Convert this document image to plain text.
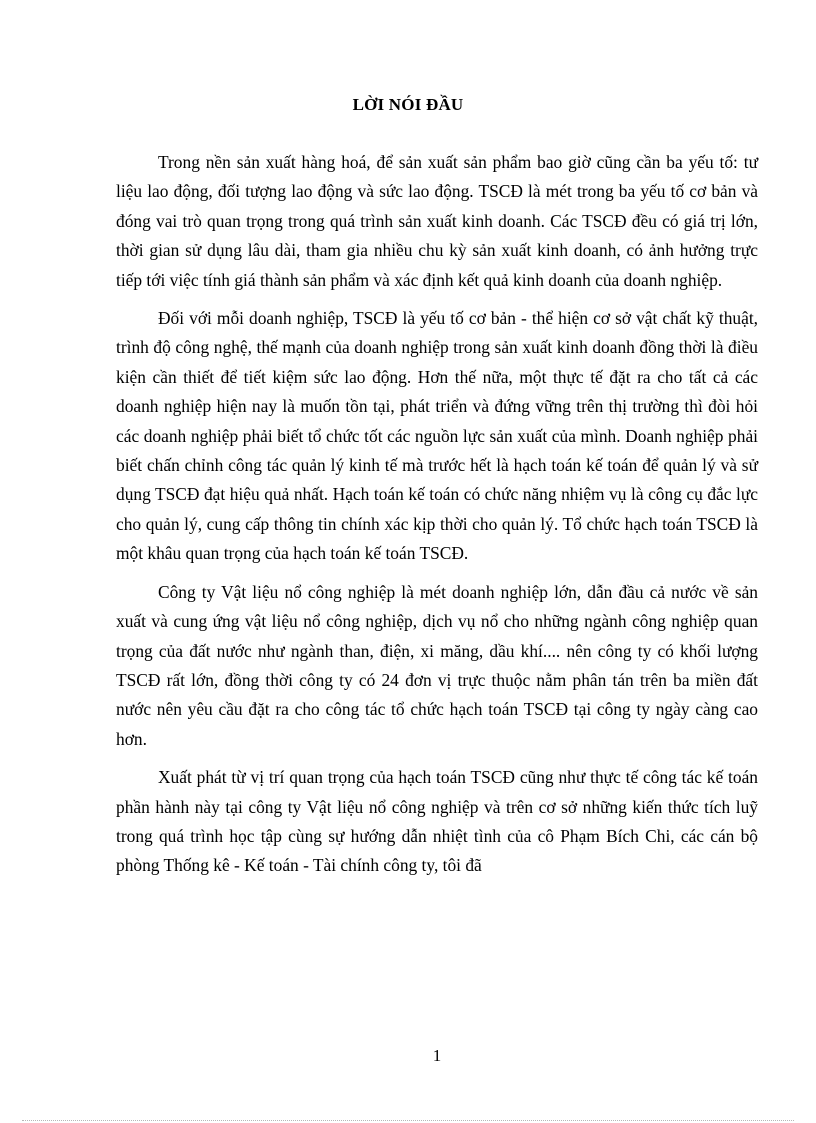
LỜI NÓI ĐẦU

Trong nền sản xuất hàng hoá, để sản xuất sản phẩm bao giờ cũng cần ba yếu tố: tư liệu lao động, đối tượng lao động và sức lao động. TSCĐ là mét trong ba yếu tố cơ bản và đóng vai trò quan trọng trong quá trình sản xuất kinh doanh. Các TSCĐ đều có giá trị lớn, thời gian sử dụng lâu dài, tham gia nhiều chu kỳ sản xuất kinh doanh, có ảnh hưởng trực tiếp tới việc tính giá thành sản phẩm và xác định kết quả kinh doanh của doanh nghiệp.

Đối với mỗi doanh nghiệp, TSCĐ là yếu tố cơ bản - thể hiện cơ sở vật chất kỹ thuật, trình độ công nghệ, thế mạnh của doanh nghiệp trong sản xuất kinh doanh đồng thời là điều kiện cần thiết để tiết kiệm sức lao động. Hơn thế nữa, một thực tế đặt ra cho tất cả các doanh nghiệp hiện nay là muốn tồn tại, phát triển và đứng vững trên thị trường thì đòi hỏi các doanh nghiệp phải biết tổ chức tốt các nguồn lực sản xuất của mình. Doanh nghiệp phải biết chấn chỉnh công tác quản lý kinh tế mà trước hết là hạch toán kế toán để quản lý và sử dụng TSCĐ đạt hiệu quả nhất. Hạch toán kế toán có chức năng nhiệm vụ là công cụ đắc lực cho quản lý, cung cấp thông tin chính xác kịp thời cho quản lý. Tổ chức hạch toán TSCĐ là một khâu quan trọng của hạch toán kế toán TSCĐ.

Công ty Vật liệu nổ công nghiệp là mét doanh nghiệp lớn, dẫn đầu cả nước về sản xuất và cung ứng vật liệu nổ công nghiệp, dịch vụ nổ cho những ngành công nghiệp quan trọng của đất nước như ngành than, điện, xi măng, dầu khí.... nên công ty có khối lượng TSCĐ rất lớn, đồng thời công ty có 24 đơn vị trực thuộc nằm phân tán trên ba miền đất nước nên yêu cầu đặt ra cho công tác tổ chức hạch toán TSCĐ tại công ty ngày càng cao hơn.

Xuất phát từ vị trí quan trọng của hạch toán TSCĐ cũng như thực tế công tác kế toán phần hành này tại công ty Vật liệu nổ công nghiệp và trên cơ sở những kiến thức tích luỹ trong quá trình học tập cùng sự hướng dẫn nhiệt tình của cô Phạm Bích Chi, các cán bộ phòng Thống kê - Kế toán - Tài chính công ty, tôi đã

1
